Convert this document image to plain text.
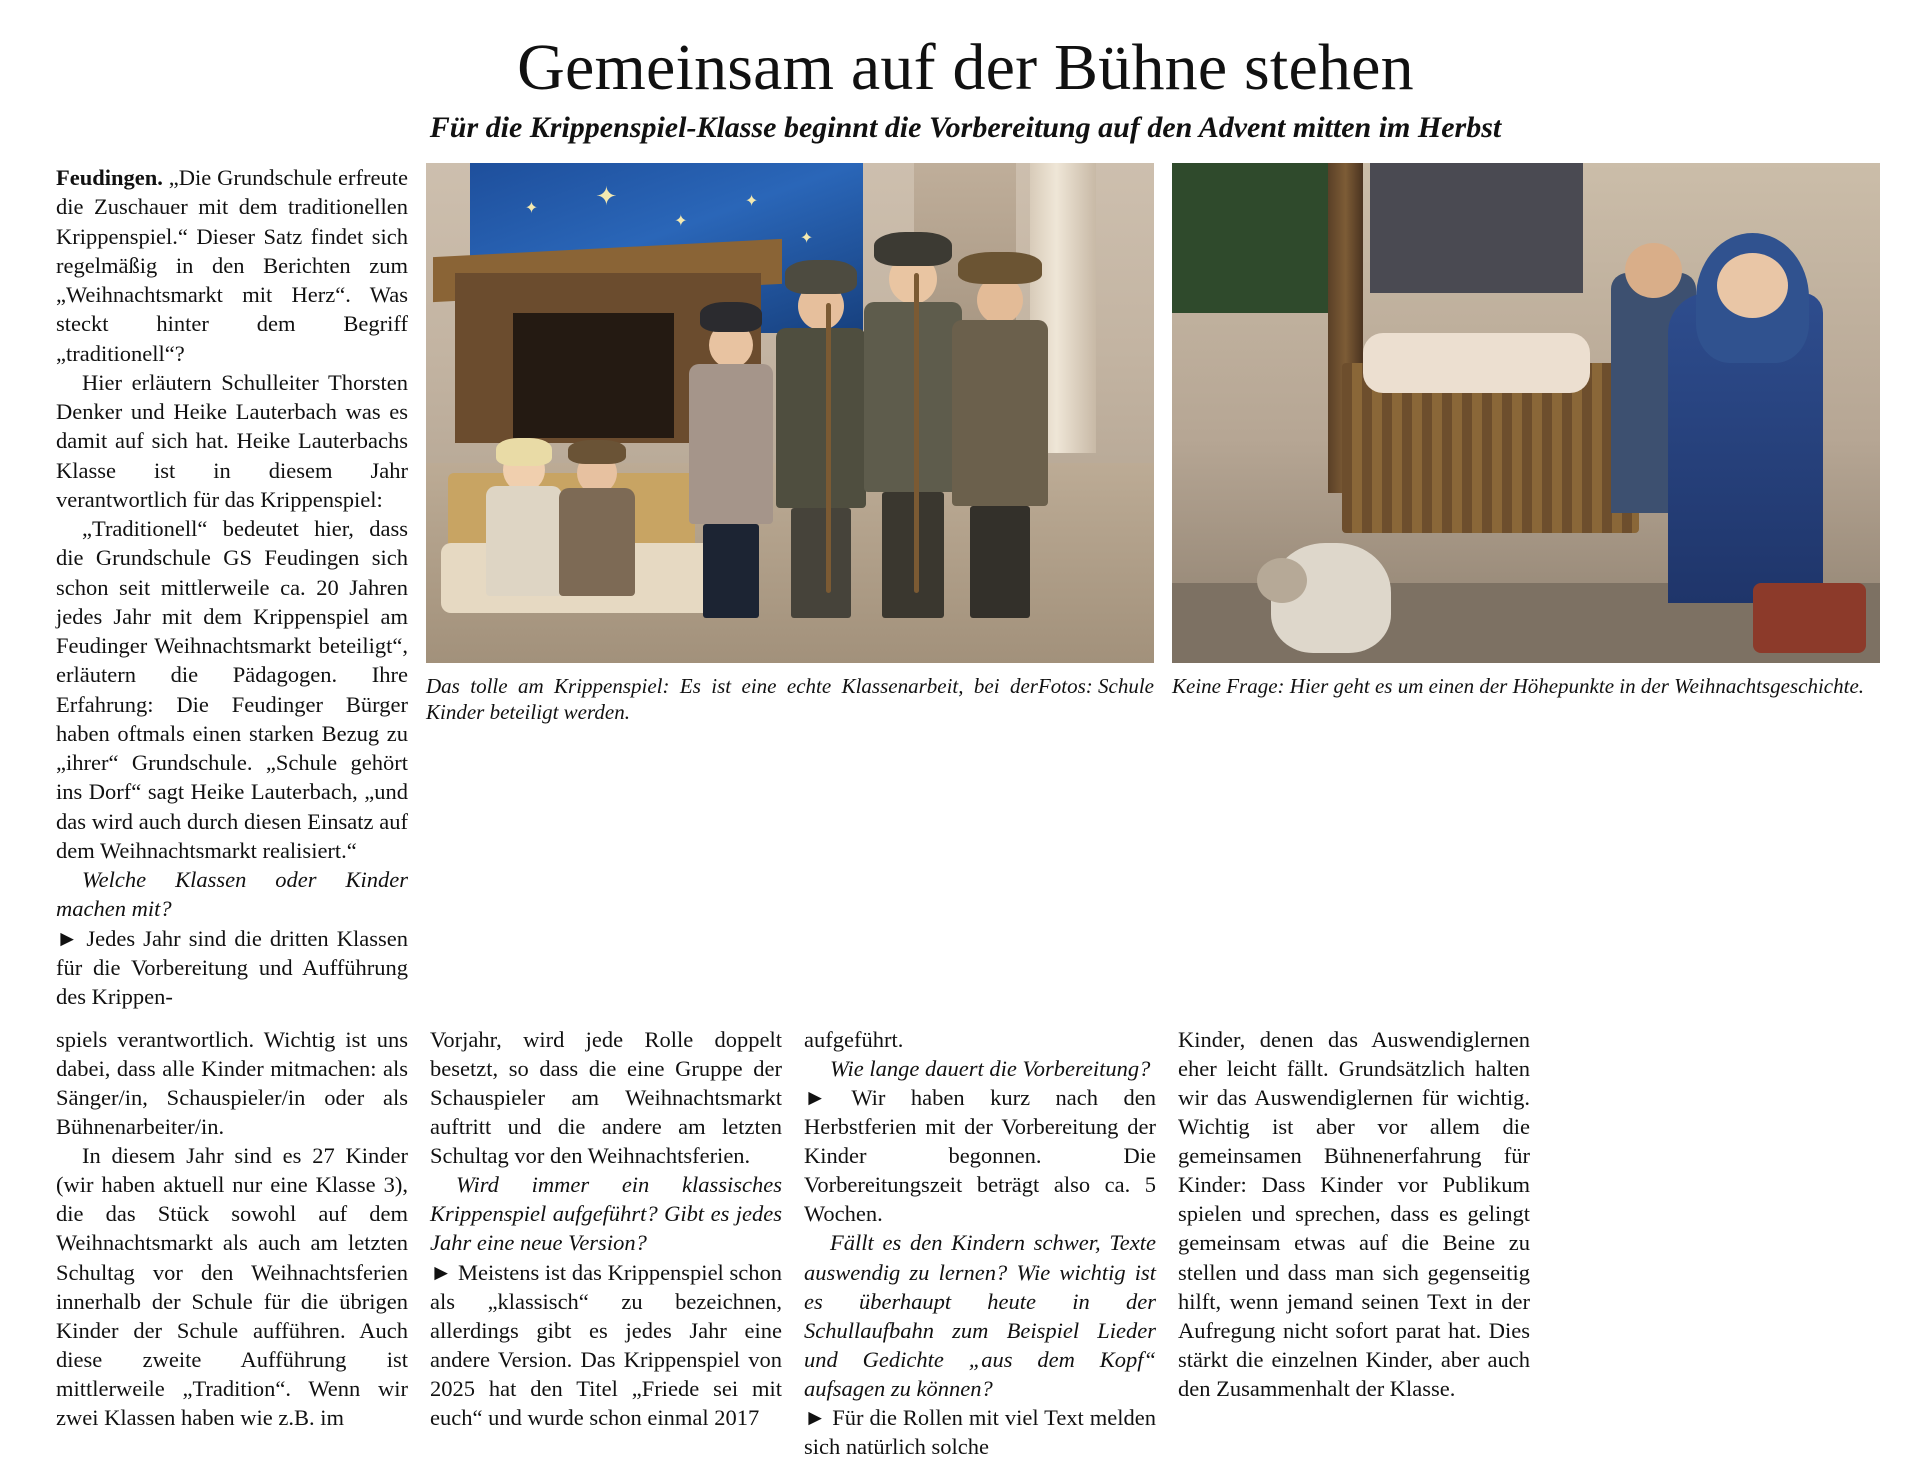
Gemeinsam auf der Bühne stehen
Für die Krippenspiel-Klasse beginnt die Vorbereitung auf den Advent mitten im Herbst

Feudingen. „Die Grundschule erfreute die Zuschauer mit dem traditionellen Krippenspiel.“ Dieser Satz findet sich regelmäßig in den Berichten zum „Weihnachtsmarkt mit Herz“. Was steckt hinter dem Begriff „traditionell“?

Hier erläutern Schulleiter Thorsten Denker und Heike Lauterbach was es damit auf sich hat. Heike Lauterbachs Klasse ist in diesem Jahr verantwortlich für das Krippenspiel:

„Traditionell“ bedeutet hier, dass die Grundschule GS Feudingen sich schon seit mittlerweile ca. 20 Jahren jedes Jahr mit dem Krippenspiel am Feudinger Weihnachtsmarkt beteiligt“, erläutern die Pädagogen. Ihre Erfahrung: Die Feudinger Bürger haben oftmals einen starken Bezug zu „ihrer“ Grundschule. „Schule gehört ins Dorf“ sagt Heike Lauterbach, „und das wird auch durch diesen Einsatz auf dem Weihnachtsmarkt realisiert.“

Welche Klassen oder Kinder machen mit?

► Jedes Jahr sind die dritten Klassen für die Vorbereitung und Aufführung des Krippen-

✦ ✦
✦
✦
✦
Fotos: Schule
Das tolle am Krippenspiel: Es ist eine echte Klassenarbeit, bei der Kinder beteiligt werden.
Keine Frage: Hier geht es um einen der Höhepunkte in der Weihnachtsgeschichte.

spiels verantwortlich. Wichtig ist uns dabei, dass alle Kinder mitmachen: als Sänger/in, Schauspieler/in oder als Bühnenarbeiter/in.

In diesem Jahr sind es 27 Kinder (wir haben aktuell nur eine Klasse 3), die das Stück sowohl auf dem Weihnachtsmarkt als auch am letzten Schultag vor den Weihnachtsferien innerhalb der Schule für die übrigen Kinder der Schule aufführen. Auch diese zweite Aufführung ist mittlerweile „Tradition“. Wenn wir zwei Klassen haben wie z.B. im

Vorjahr, wird jede Rolle doppelt besetzt, so dass die eine Gruppe der Schauspieler am Weihnachtsmarkt auftritt und die andere am letzten Schultag vor den Weihnachtsferien.

Wird immer ein klassisches Krippenspiel aufgeführt? Gibt es jedes Jahr eine neue Version?

► Meistens ist das Krippenspiel schon als „klassisch“ zu bezeichnen, allerdings gibt es jedes Jahr eine andere Version. Das Krippenspiel von 2025 hat den Titel „Friede sei mit euch“ und wurde schon einmal 2017

aufgeführt.

Wie lange dauert die Vorbereitung?

► Wir haben kurz nach den Herbstferien mit der Vorbereitung der Kinder begonnen. Die Vorbereitungszeit beträgt also ca. 5 Wochen.

Fällt es den Kindern schwer, Texte auswendig zu lernen? Wie wichtig ist es überhaupt heute in der Schullaufbahn zum Beispiel Lieder und Gedichte „aus dem Kopf“ aufsagen zu können?

► Für die Rollen mit viel Text melden sich natürlich solche

Kinder, denen das Auswendiglernen eher leicht fällt. Grundsätzlich halten wir das Auswendiglernen für wichtig. Wichtig ist aber vor allem die gemeinsamen Bühnenerfahrung für Kinder: Dass Kinder vor Publikum spielen und sprechen, dass es gelingt gemeinsam etwas auf die Beine zu stellen und dass man sich gegenseitig hilft, wenn jemand seinen Text in der Aufregung nicht sofort parat hat. Dies stärkt die einzelnen Kinder, aber auch den Zusammenhalt der Klasse.
